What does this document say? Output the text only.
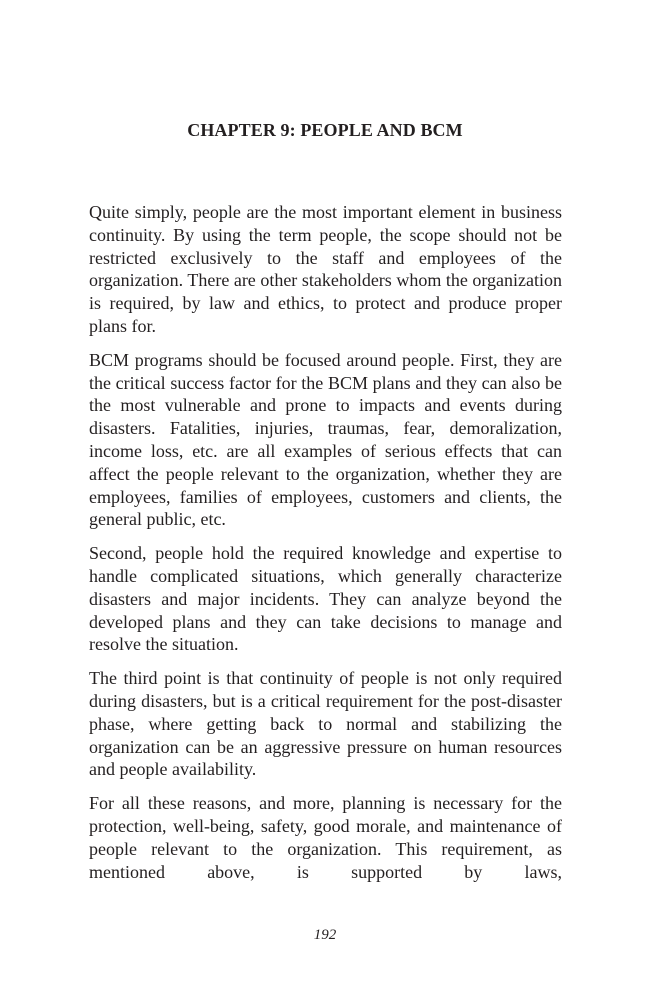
CHAPTER 9: PEOPLE AND BCM

Quite simply, people are the most important element in business continuity. By using the term people, the scope should not be restricted exclusively to the staff and employees of the organization. There are other stakeholders whom the organization is required, by law and ethics, to protect and produce proper plans for.

BCM programs should be focused around people. First, they are the critical success factor for the BCM plans and they can also be the most vulnerable and prone to impacts and events during disasters. Fatalities, injuries, traumas, fear, demoralization, income loss, etc. are all examples of serious effects that can affect the people relevant to the organization, whether they are employees, families of employees, customers and clients, the general public, etc.

Second, people hold the required knowledge and expertise to handle complicated situations, which generally characterize disasters and major incidents. They can analyze beyond the developed plans and they can take decisions to manage and resolve the situation.

The third point is that continuity of people is not only required during disasters, but is a critical requirement for the post-disaster phase, where getting back to normal and stabilizing the organization can be an aggressive pressure on human resources and people availability.

For all these reasons, and more, planning is necessary for the protection, well-being, safety, good morale, and maintenance of people relevant to the organization. This requirement, as mentioned above, is supported by laws,

192
